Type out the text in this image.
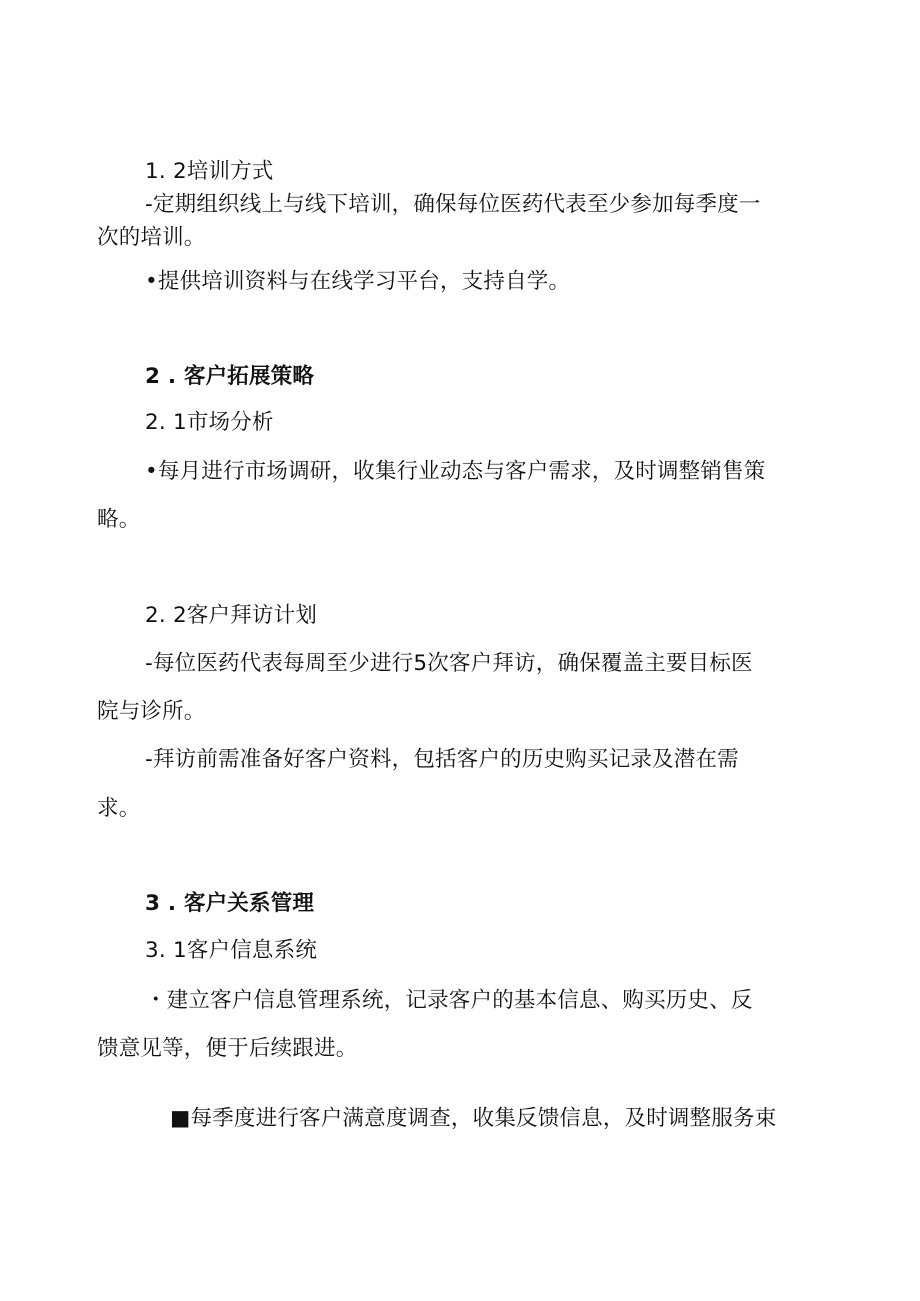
1. 2培训方式
-定期组织线上与线下培训，确保每位医药代表至少参加每季度一
次的培训。
•提供培训资料与在线学习平台，支持自学。
2 . 客户拓展策略
2. 1市场分析
•每月进行市场调研，收集行业动态与客户需求，及时调整销售策
略。
2. 2客户拜访计划
-每位医药代表每周至少进行5次客户拜访，确保覆盖主要目标医
院与诊所。
-拜访前需准备好客户资料，包括客户的历史购买记录及潜在需
求。
3 . 客户关系管理
3. 1客户信息系统
・建立客户信息管理系统，记录客户的基本信息、购买历史、反
馈意见等，便于后续跟进。
■每季度进行客户满意度调查，收集反馈信息，及时调整服务束
